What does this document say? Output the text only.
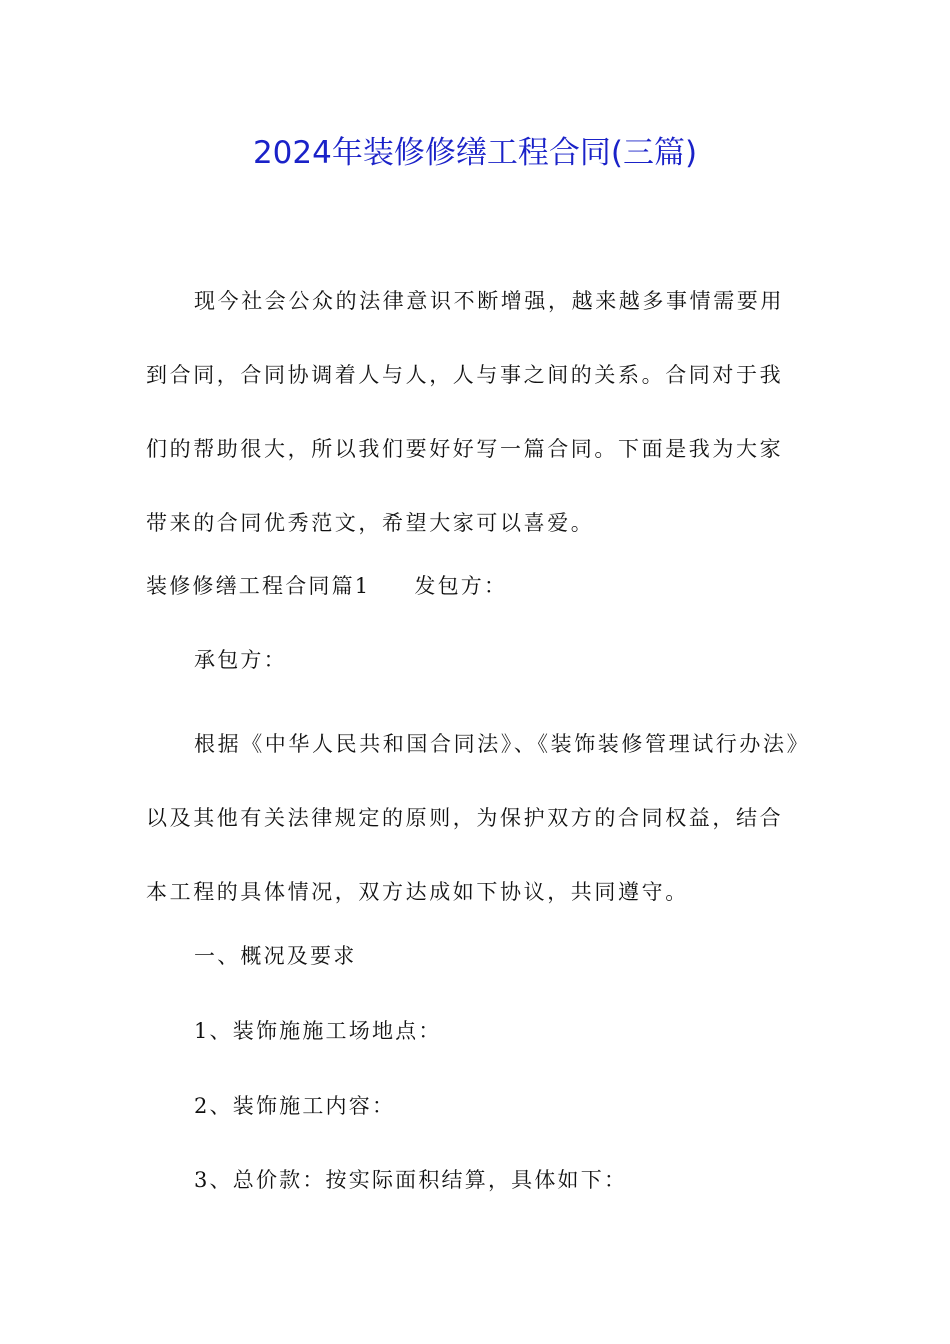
2024年装修修缮工程合同(三篇)

现今社会公众的法律意识不断增强，越来越多事情需要用到合同，合同协调着人与人，人与事之间的关系。合同对于我们的帮助很大，所以我们要好好写一篇合同。下面是我为大家带来的合同优秀范文，希望大家可以喜爱。

装修修缮工程合同篇1 发包方：
承包方：

根据《中华人民共和国合同法》、《装饰装修管理试行办法》以及其他有关法律规定的原则，为保护双方的合同权益，结合本工程的具体情况，双方达成如下协议，共同遵守。

一、概况及要求
1、装饰施施工场地点：
2、装饰施工内容：
3、总价款：按实际面积结算，具体如下：
